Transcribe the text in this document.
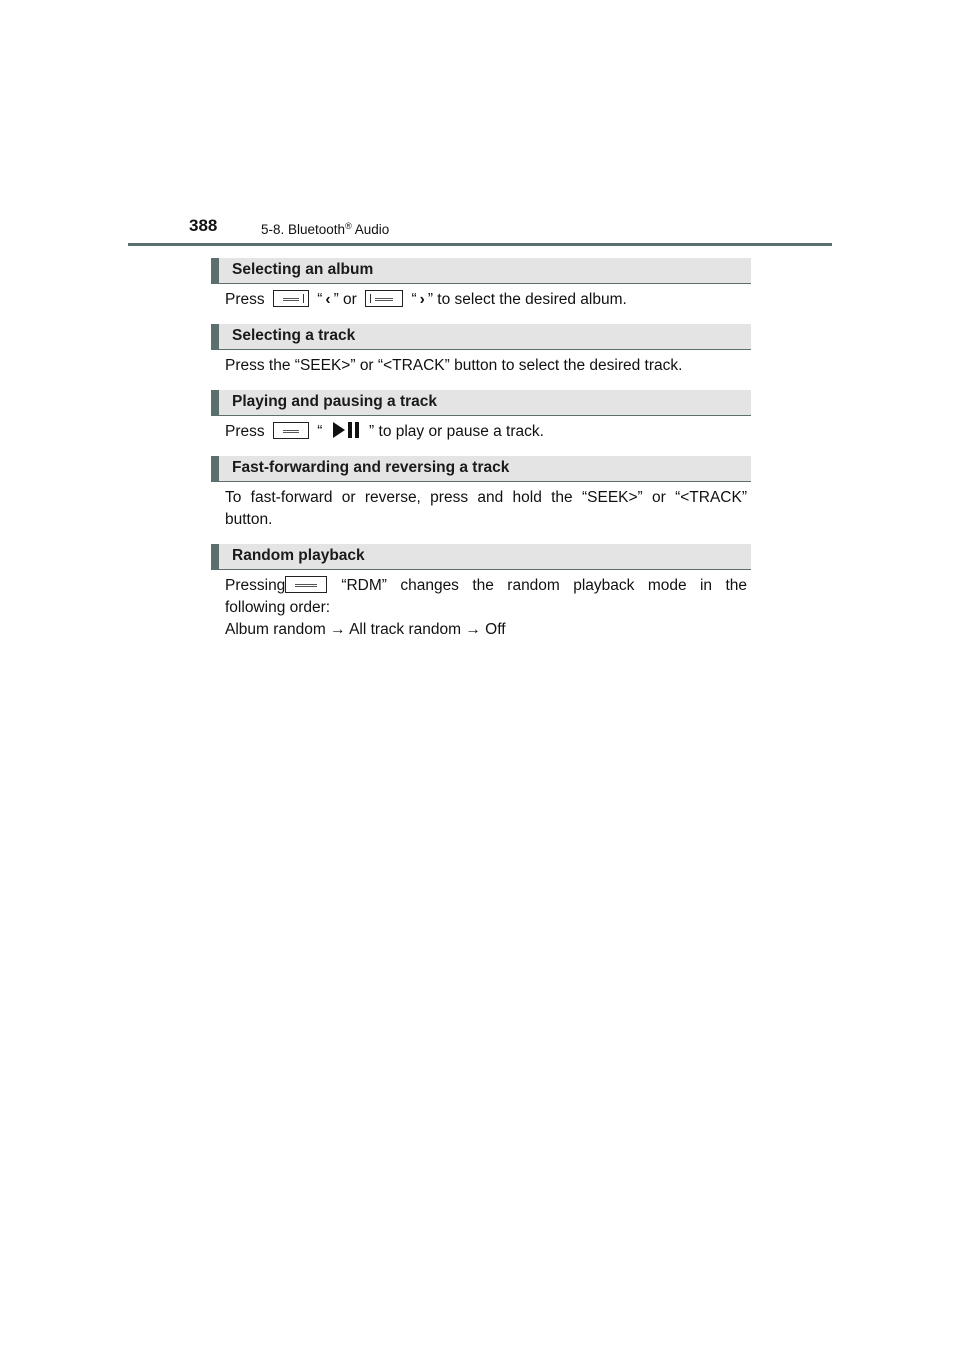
388	5-8. Bluetooth® Audio
Selecting an album
Press	“ ‹ ” or	“ › ” to select the desired album.
Selecting a track
Press the “SEEK>” or “<TRACK” button to select the desired track.
Playing and pausing a track
Press	“	” to play or pause a track.
Fast-forwarding and reversing a track
To fast-forward or reverse, press and hold the “SEEK>” or “<TRACK”
button.
Random playback
Pressing	“RDM” changes the random playback mode in the
following order:
Album random → All track random → Off
